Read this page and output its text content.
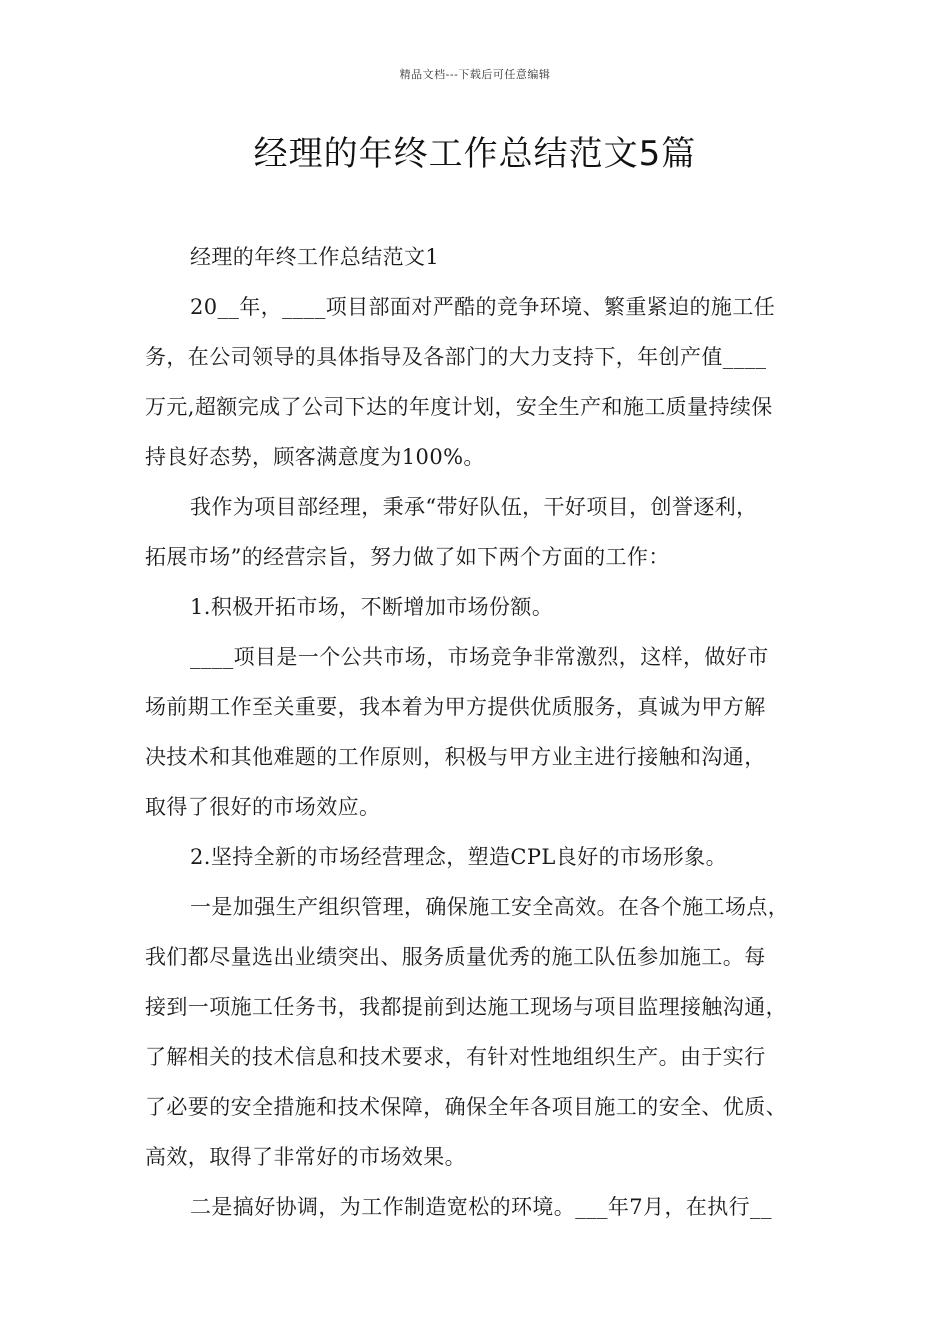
精品文档---下载后可任意编辑
经理的年终工作总结范文5篇
经理的年终工作总结范文1
20__年，____项目部面对严酷的竞争环境、繁重紧迫的施工任
务，在公司领导的具体指导及各部门的大力支持下，年创产值____
万元,超额完成了公司下达的年度计划，安全生产和施工质量持续保
持良好态势，顾客满意度为100%。
我作为项目部经理，秉承“带好队伍，干好项目，创誉逐利，
拓展市场”的经营宗旨，努力做了如下两个方面的工作：
1.积极开拓市场，不断增加市场份额。
____项目是一个公共市场，市场竞争非常激烈，这样，做好市
场前期工作至关重要，我本着为甲方提供优质服务，真诚为甲方解
决技术和其他难题的工作原则，积极与甲方业主进行接触和沟通，
取得了很好的市场效应。
2.坚持全新的市场经营理念，塑造CPL良好的市场形象。
一是加强生产组织管理，确保施工安全高效。在各个施工场点，
我们都尽量选出业绩突出、服务质量优秀的施工队伍参加施工。每
接到一项施工任务书，我都提前到达施工现场与项目监理接触沟通，
了解相关的技术信息和技术要求，有针对性地组织生产。由于实行
了必要的安全措施和技术保障，确保全年各项目施工的安全、优质、
高效，取得了非常好的市场效果。
二是搞好协调，为工作制造宽松的环境。___年7月，在执行__
